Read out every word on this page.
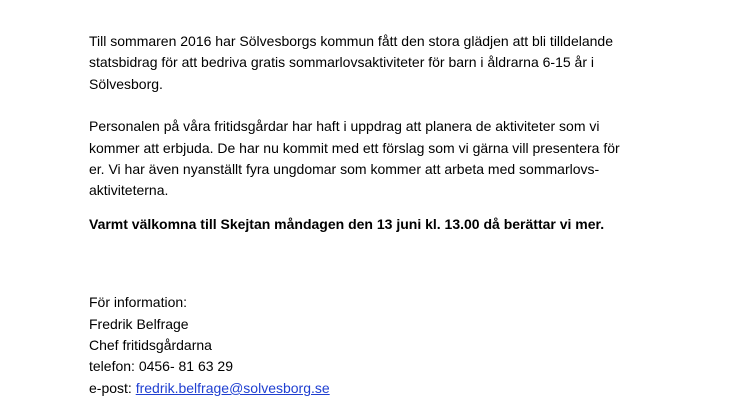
Till sommaren 2016 har Sölvesborgs kommun fått den stora glädjen att bli tilldelande
statsbidrag för att bedriva gratis sommarlovsaktiviteter för barn i åldrarna 6-15 år i
Sölvesborg.

Personalen på våra fritidsgårdar har haft i uppdrag att planera de aktiviteter som vi
kommer att erbjuda. De har nu kommit med ett förslag som vi gärna vill presentera för
er. Vi har även nyanställt fyra ungdomar som kommer att arbeta med sommarlovs-
aktiviteterna.

Varmt välkomna till Skejtan måndagen den 13 juni kl. 13.00 då berättar vi mer.

För information:
Fredrik Belfrage
Chef fritidsgårdarna
telefon: 0456- 81 63 29
e-post: fredrik.belfrage@solvesborg.se
